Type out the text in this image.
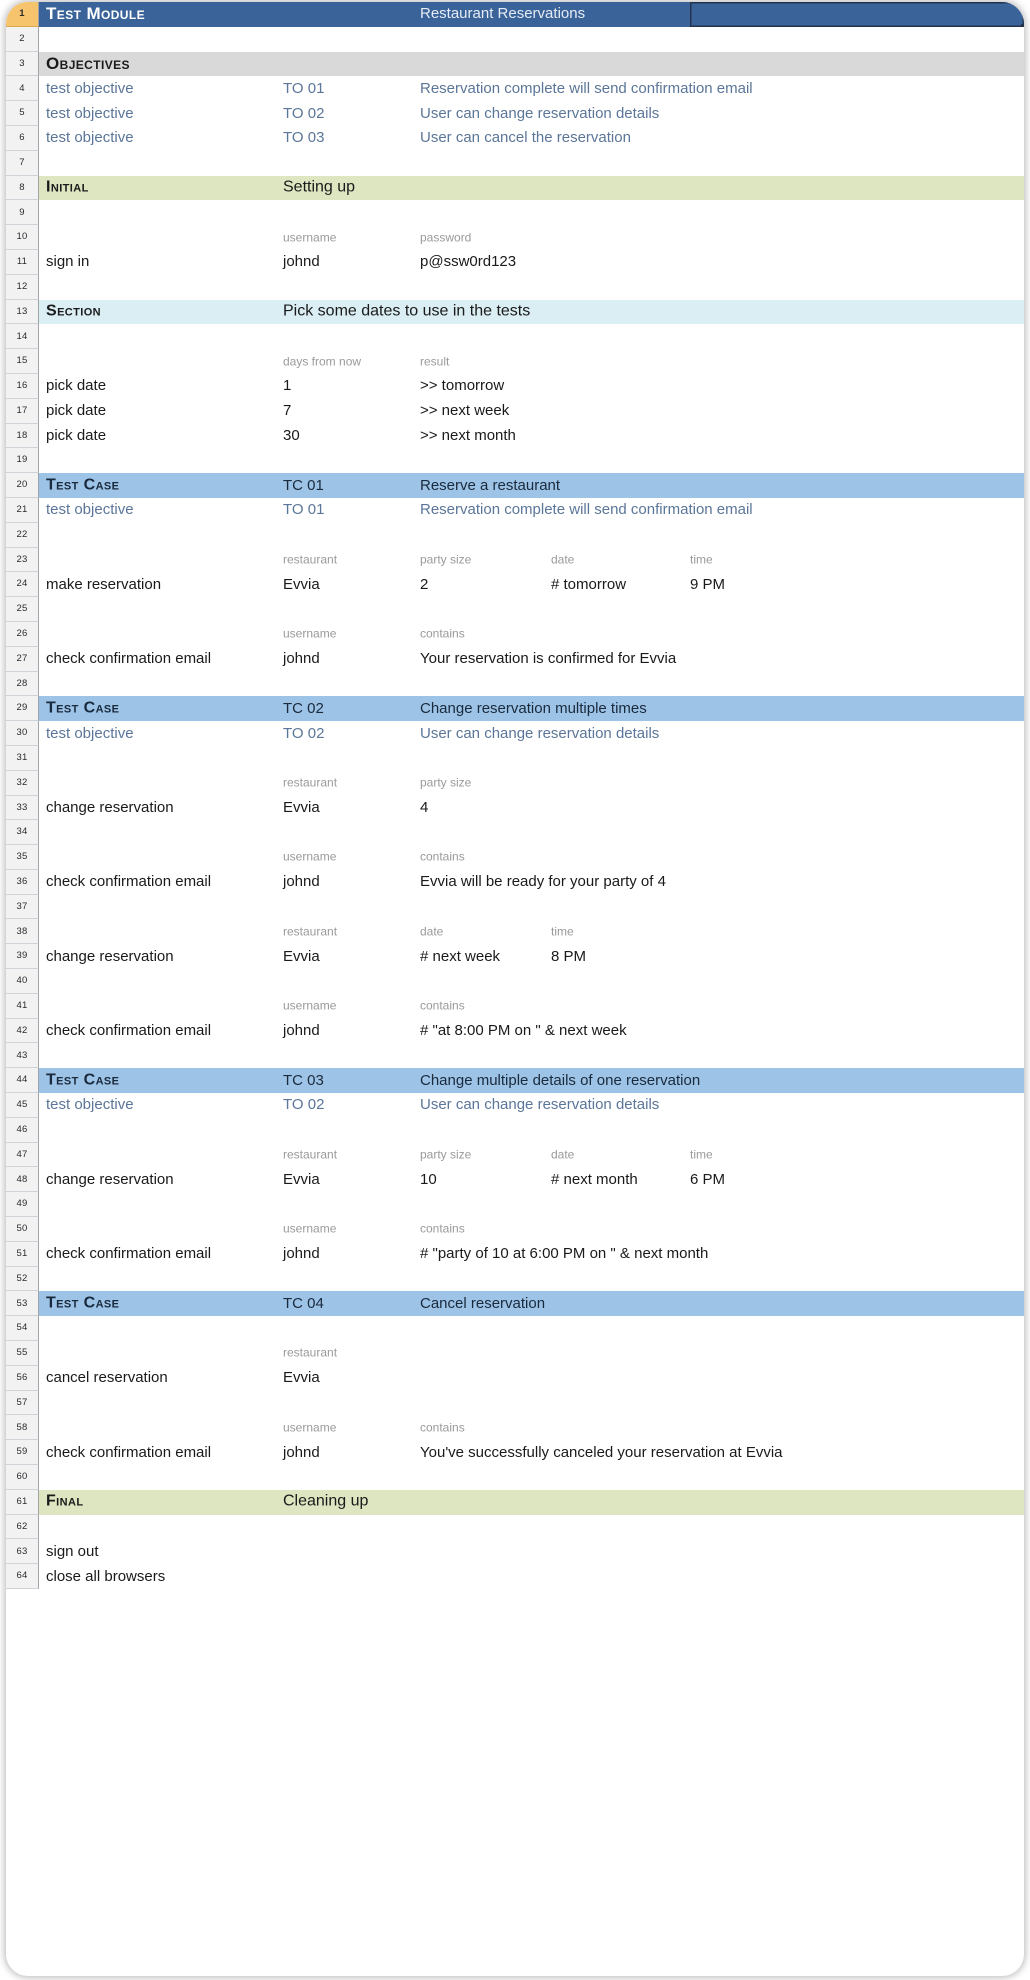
1	Test Module	Restaurant Reservations
2
3	Objectives
4	test objective	TO 01	Reservation complete will send confirmation email
5	test objective	TO 02	User can change reservation details
6	test objective	TO 03	User can cancel the reservation
7
8	Initial	Setting up
9
10	username	password
11	sign in	johnd	p@ssw0rd123
12
13	Section	Pick some dates to use in the tests
14
15	days from now	result
16	pick date	1	>> tomorrow
17	pick date	7	>> next week
18	pick date	30	>> next month
19
20	Test Case	TC 01	Reserve a restaurant
21	test objective	TO 01	Reservation complete will send confirmation email
22
23	restaurant	party size	date	time
24	make reservation	Evvia	2	# tomorrow	9 PM
25
26	username	contains
27	check confirmation email	johnd	Your reservation is confirmed for Evvia
28
29	Test Case	TC 02	Change reservation multiple times
30	test objective	TO 02	User can change reservation details
31
32	restaurant	party size
33	change reservation	Evvia	4
34
35	username	contains
36	check confirmation email	johnd	Evvia will be ready for your party of 4
37
38	restaurant	date	time
39	change reservation	Evvia	# next week	8 PM
40
41	username	contains
42	check confirmation email	johnd	# "at 8:00 PM on " & next week
43
44	Test Case	TC 03	Change multiple details of one reservation
45	test objective	TO 02	User can change reservation details
46
47	restaurant	party size	date	time
48	change reservation	Evvia	10	# next month	6 PM
49
50	username	contains
51	check confirmation email	johnd	# "party of 10 at 6:00 PM on " & next month
52
53	Test Case	TC 04	Cancel reservation
54
55	restaurant
56	cancel reservation	Evvia
57
58	username	contains
59	check confirmation email	johnd	You've successfully canceled your reservation at Evvia
60
61	Final	Cleaning up
62
63	sign out
64	close all browsers
